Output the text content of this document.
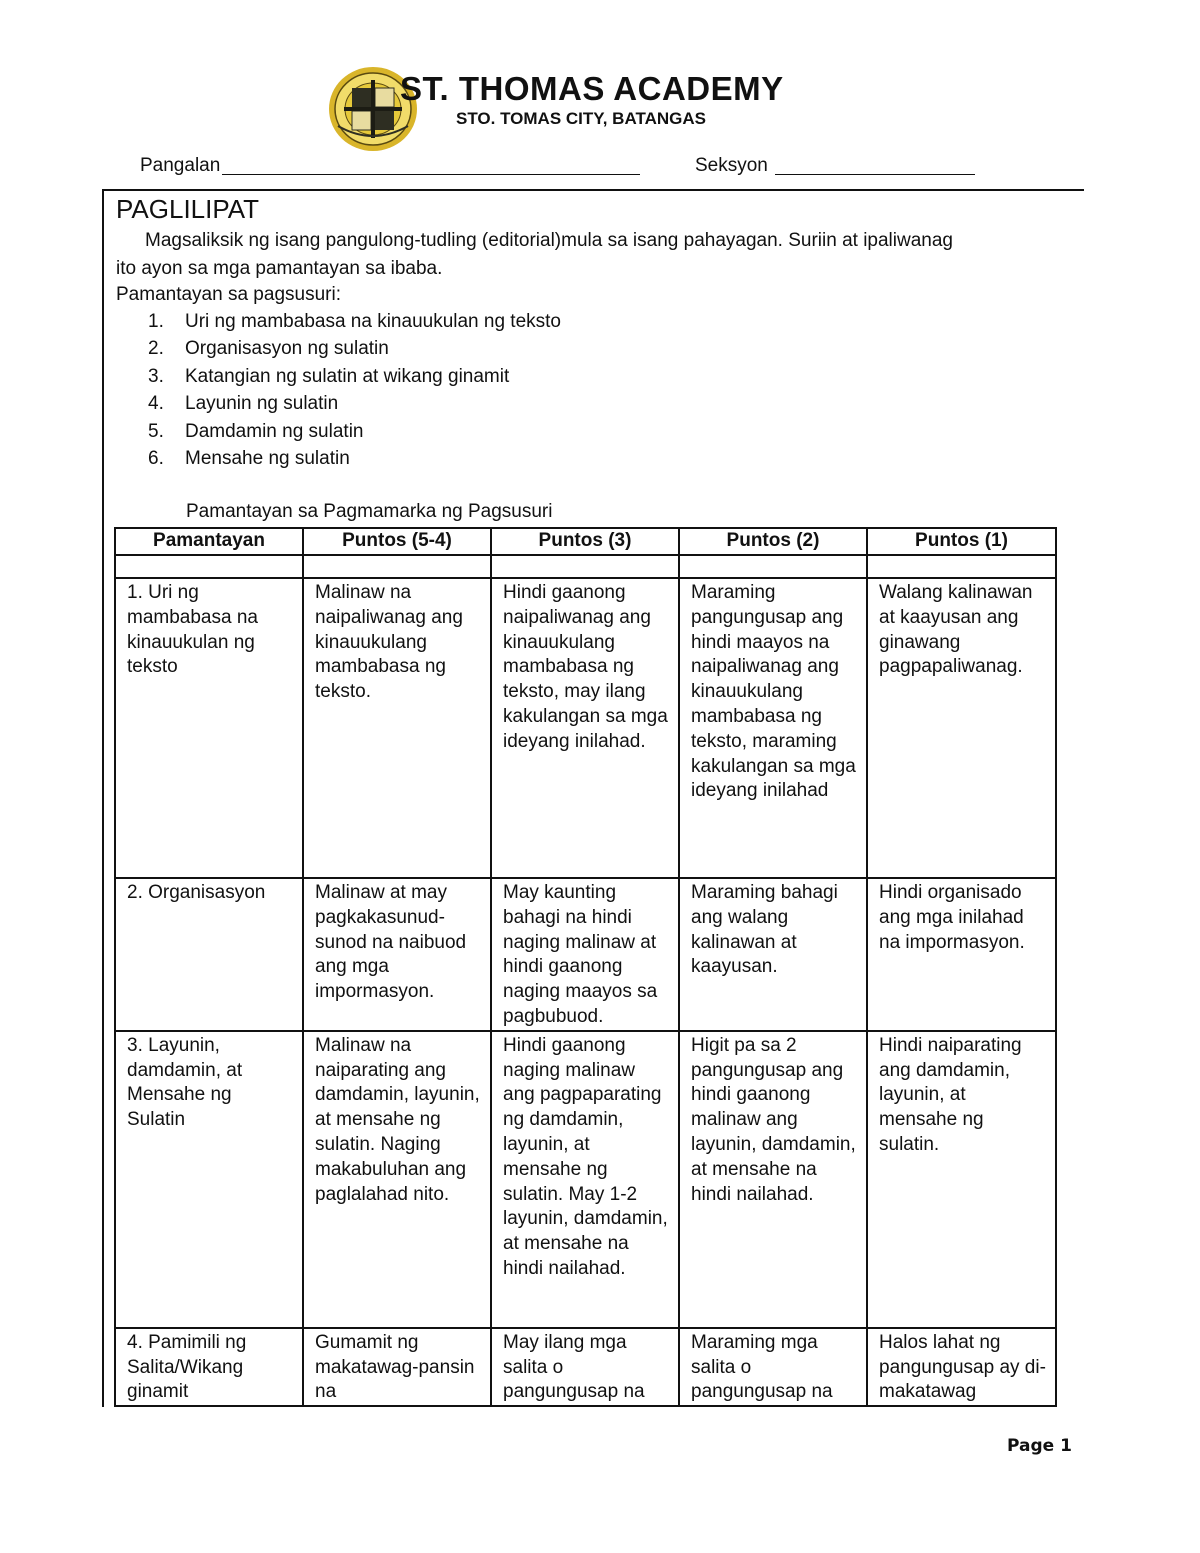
ST. THOMAS ACADEMY
STO. TOMAS CITY, BATANGAS
Pangalan	Seksyon
PAGLILIPAT
Magsaliksik ng isang pangulong-tudling (editorial)mula sa isang pahayagan. Suriin at ipaliwanag
ito ayon sa mga pamantayan sa ibaba.
Pamantayan sa pagsusuri:
1. Uri ng mambabasa na kinauukulan ng teksto
2. Organisasyon ng sulatin
3. Katangian ng sulatin at wikang ginamit
4. Layunin ng sulatin
5. Damdamin ng sulatin
6. Mensahe ng sulatin
Pamantayan sa Pagmamarka ng Pagsusuri
Pamantayan	Puntos (5-4)	Puntos (3)	Puntos (2)	Puntos (1)

1. Uri ng mambabasa na kinauukulan ng teksto	Malinaw na naipaliwanag ang kinauukulang mambabasa ng teksto.	Hindi gaanong naipaliwanag ang kinauukulang mambabasa ng teksto, may ilang kakulangan sa mga ideyang inilahad.	Maraming pangungusap ang hindi maayos na naipaliwanag ang kinauukulang mambabasa ng teksto, maraming kakulangan sa mga ideyang inilahad	Walang kalinawan at kaayusan ang ginawang pagpapaliwanag.
2. Organisasyon	Malinaw at may pagkakasunud-sunod na naibuod ang mga impormasyon.	May kaunting bahagi na hindi naging malinaw at hindi gaanong naging maayos sa pagbubuod.	Maraming bahagi ang walang kalinawan at kaayusan.	Hindi organisado ang mga inilahad na impormasyon.
3. Layunin, damdamin, at Mensahe ng Sulatin	Malinaw na naiparating ang damdamin, layunin, at mensahe ng sulatin. Naging makabuluhan ang paglalahad nito.	Hindi gaanong naging malinaw ang pagpaparating ng damdamin, layunin, at mensahe ng sulatin. May 1-2 layunin, damdamin, at mensahe na hindi nailahad.	Higit pa sa 2 pangungusap ang hindi gaanong malinaw ang layunin, damdamin, at mensahe na hindi nailahad.	Hindi naiparating ang damdamin, layunin, at mensahe ng sulatin.
4. Pamimili ng Salita/Wikang ginamit	Gumamit ng makatawag-pansin na	May ilang mga salita o pangungusap na	Maraming mga salita o pangungusap na	Halos lahat ng pangungusap ay di-makatawag
Page 1
